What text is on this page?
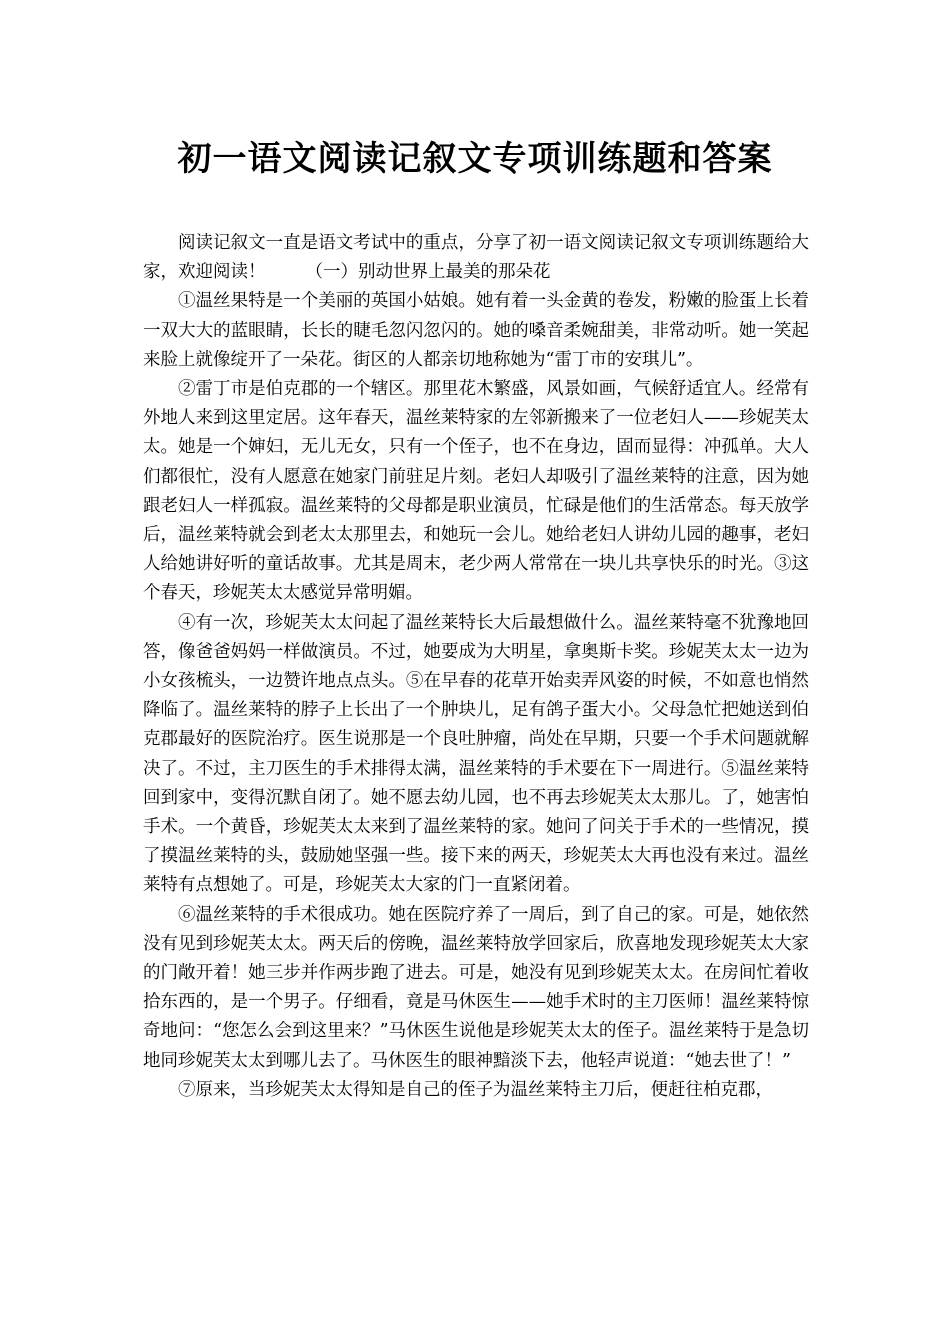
初一语文阅读记叙文专项训练题和答案

阅读记叙文一直是语文考试中的重点，分享了初一语文阅读记叙文专项训练题给大家，欢迎阅读！ （一）别动世界上最美的那朵花

①温丝果特是一个美丽的英国小姑娘。她有着一头金黄的卷发，粉嫩的脸蛋上长着一双大大的蓝眼睛，长长的睫毛忽闪忽闪的。她的嗓音柔婉甜美，非常动听。她一笑起来脸上就像绽开了一朵花。街区的人都亲切地称她为“雷丁市的安琪儿”。

②雷丁市是伯克郡的一个辖区。那里花木繁盛，风景如画，气候舒适宜人。经常有外地人来到这里定居。这年春天，温丝莱特家的左邻新搬来了一位老妇人——珍妮芙太太。她是一个婶妇，无儿无女，只有一个侄子，也不在身边，固而显得：冲孤单。大人们都很忙，没有人愿意在她家门前驻足片刻。老妇人却吸引了温丝莱特的注意，因为她跟老妇人一样孤寂。温丝莱特的父母都是职业演员，忙碌是他们的生活常态。每天放学后，温丝莱特就会到老太太那里去，和她玩一会儿。她给老妇人讲幼儿园的趣事，老妇人给她讲好听的童话故事。尤其是周末，老少两人常常在一块儿共享快乐的时光。③这个春天，珍妮芙太太感觉异常明媚。

④有一次，珍妮芙太太问起了温丝莱特长大后最想做什么。温丝莱特毫不犹豫地回答，像爸爸妈妈一样做演员。不过，她要成为大明星，拿奥斯卡奖。珍妮芙太太一边为小女孩梳头，一边赞许地点点头。⑤在早春的花草开始卖弄风姿的时候，不如意也悄然降临了。温丝莱特的脖子上长出了一个肿块儿，足有鸽子蛋大小。父母急忙把她送到伯克郡最好的医院治疗。医生说那是一个良吐肿瘤，尚处在早期，只要一个手术问题就解决了。不过，主刀医生的手术排得太满，温丝莱特的手术要在下一周进行。⑤温丝莱特回到家中，变得沉默自闭了。她不愿去幼儿园，也不再去珍妮芙太太那儿。了，她害怕手术。一个黄昏，珍妮芙太太来到了温丝莱特的家。她问了问关于手术的一些情况，摸了摸温丝莱特的头，鼓励她坚强一些。接下来的两天，珍妮芙太大再也没有来过。温丝莱特有点想她了。可是，珍妮芙太大家的门一直紧闭着。

⑥温丝莱特的手术很成功。她在医院疗养了一周后，到了自己的家。可是，她依然没有见到珍妮芙太太。两天后的傍晚，温丝莱特放学回家后，欣喜地发现珍妮芙太大家的门敞开着！她三步并作两步跑了进去。可是，她没有见到珍妮芙太太。在房间忙着收拾东西的，是一个男子。仔细看，竟是马休医生——她手术时的主刀医师！温丝莱特惊奇地问：“您怎么会到这里来？”马休医生说他是珍妮芙太太的侄子。温丝莱特于是急切地同珍妮芙太太到哪儿去了。马休医生的眼神黯淡下去，他轻声说道：“她去世了！”

⑦原来，当珍妮芙太太得知是自己的侄子为温丝莱特主刀后，便赶往柏克郡，
